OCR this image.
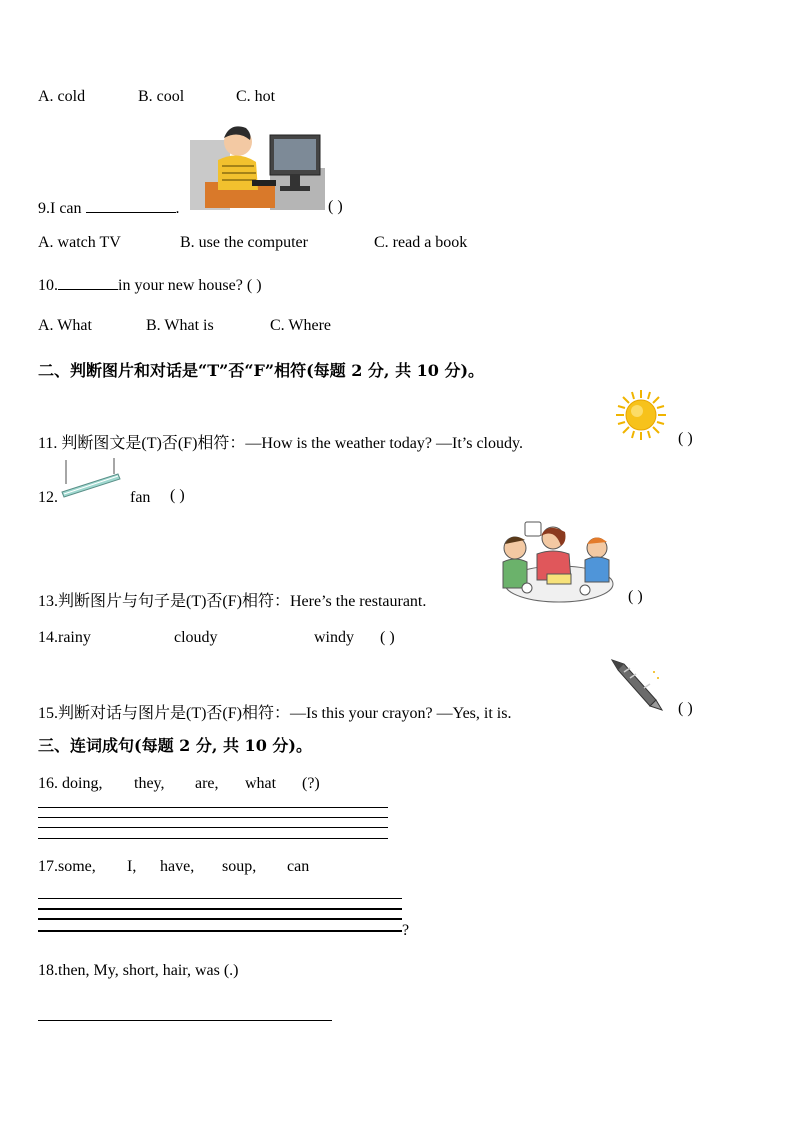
A. cold	B. cool	C. hot
9.I can	.	( )
A. watch TV	B. use the computer	C. read a book
10.	in your new house? ( )
A. What	B. What is	C. Where
二、判断图片和对话是“T”否“F”相符(每题 2 分, 共 10 分)。
11. 判断图文是(T)否(F)相符：—How is the weather today? —It’s cloudy.	( )
12.	fan ( )
13.判断图片与句子是(T)否(F)相符：Here’s the restaurant.	( )
14.rainy	cloudy	windy ( )
15.判断对话与图片是(T)否(F)相符：—Is this your crayon? —Yes, it is.	( )
三、连词成句(每题 2 分, 共 10 分)。
16. doing, they, are, what (?)
17.some, I, have, soup, can
?
18.then, My, short, hair, was (.)
